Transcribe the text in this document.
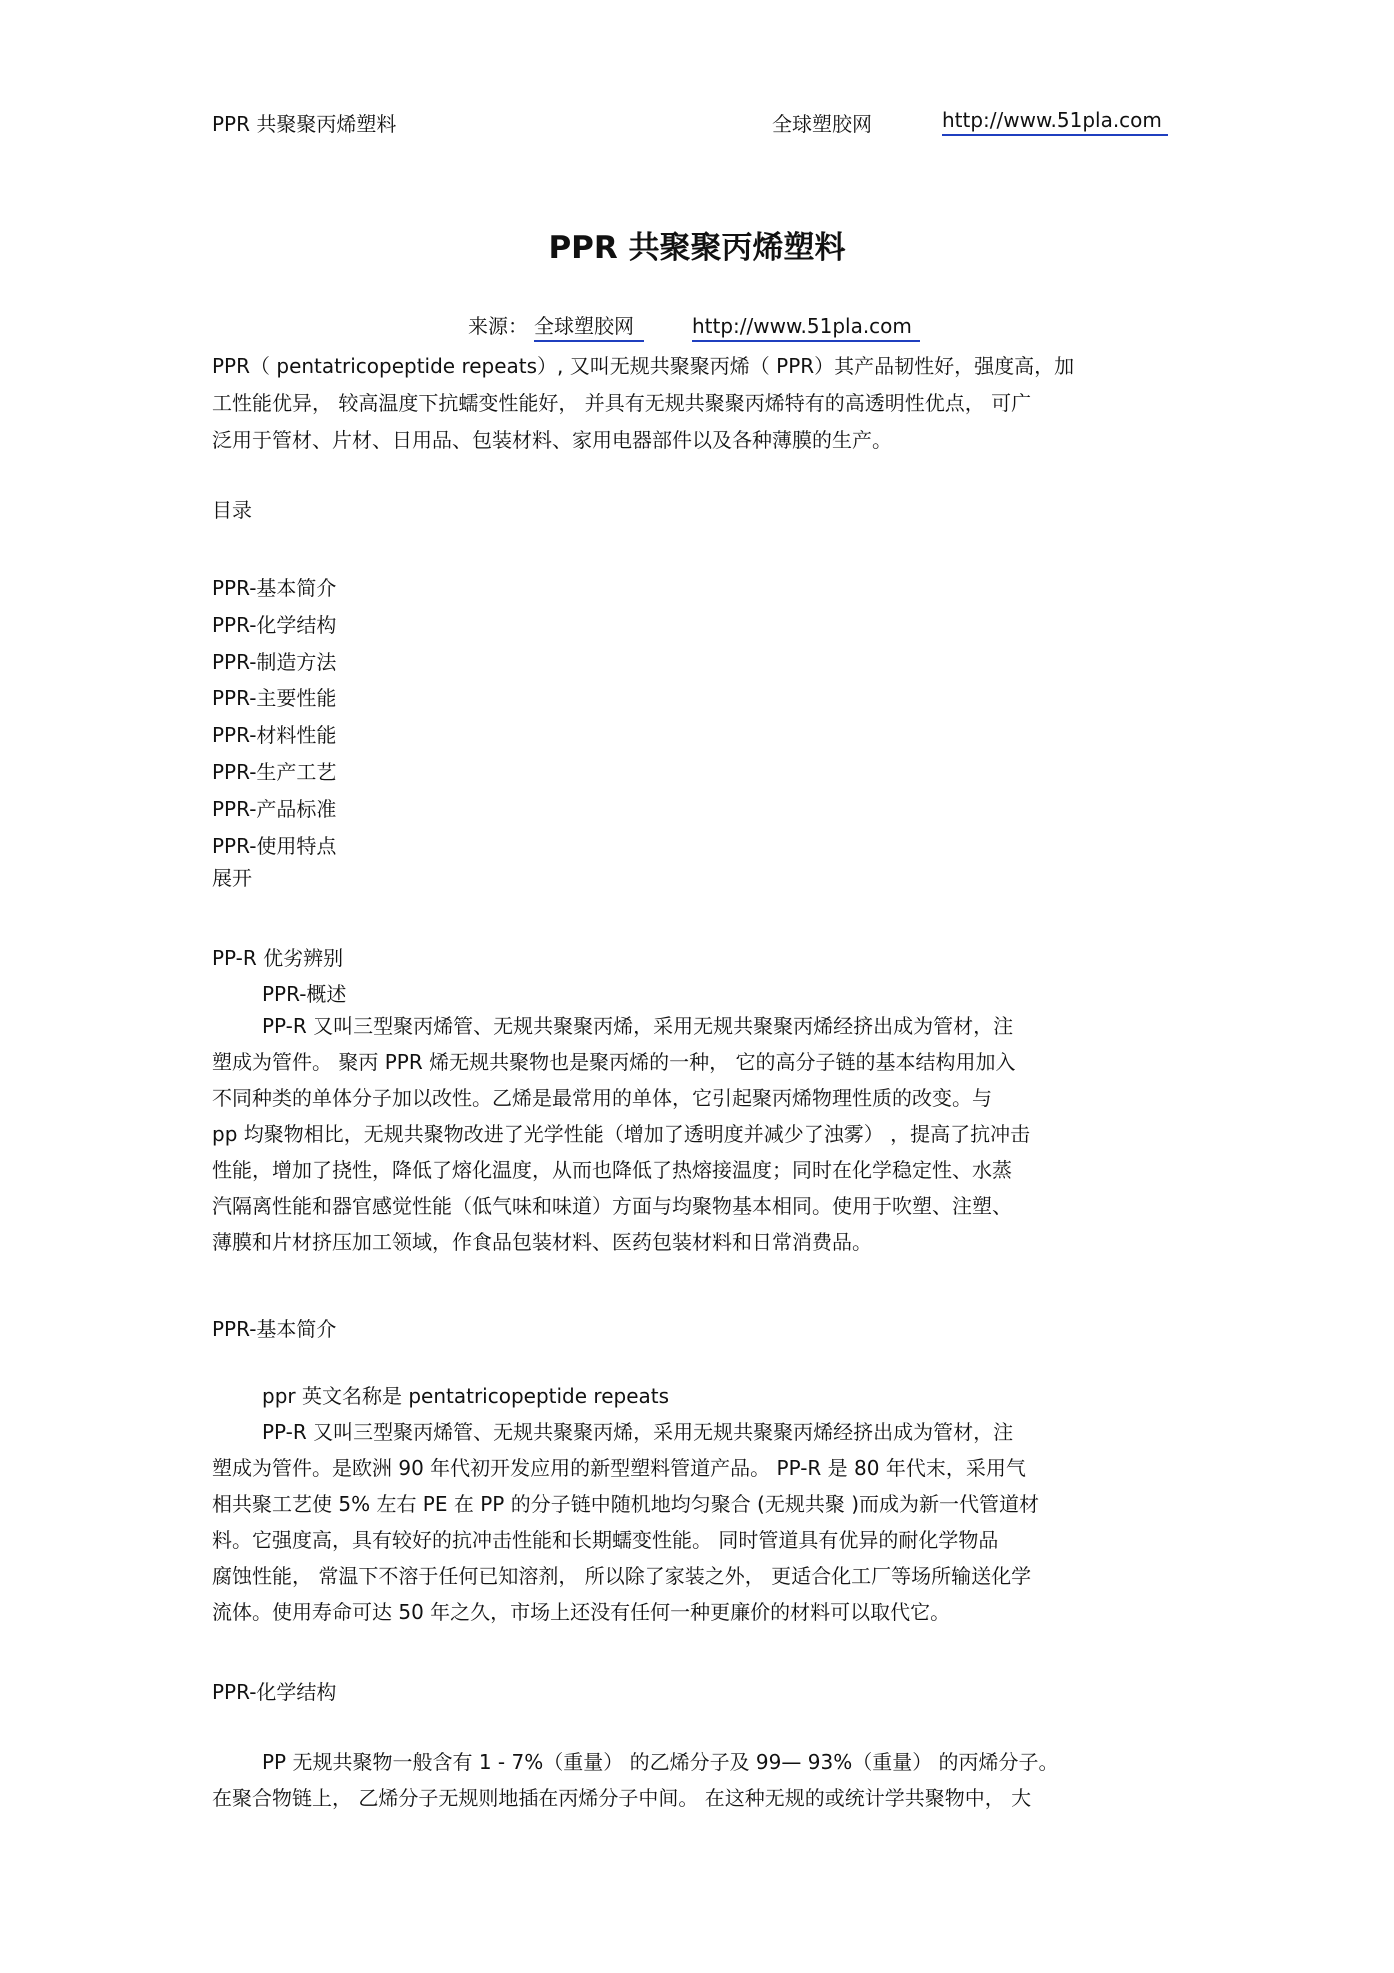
PPR 共聚聚丙烯塑料	全球塑胶网	http://www.51pla.com
PPR 共聚聚丙烯塑料
来源： 全球塑胶网	http://www.51pla.com

PPR（ pentatricopeptide repeats）, 又叫无规共聚聚丙烯（ PPR）其产品韧性好，强度高，加

工性能优异， 较高温度下抗蠕变性能好， 并具有无规共聚聚丙烯特有的高透明性优点， 可广

泛用于管材、片材、日用品、包装材料、家用电器部件以及各种薄膜的生产。

目录

PPR-基本简介

PPR-化学结构

PPR-制造方法

PPR-主要性能

PPR-材料性能

PPR-生产工艺

PPR-产品标准

PPR-使用特点

展开

PP-R 优劣辨别

PPR-概述

PP-R 又叫三型聚丙烯管、无规共聚聚丙烯，采用无规共聚聚丙烯经挤出成为管材，注

塑成为管件。 聚丙 PPR 烯无规共聚物也是聚丙烯的一种， 它的高分子链的基本结构用加入

不同种类的单体分子加以改性。乙烯是最常用的单体，它引起聚丙烯物理性质的改变。与

pp 均聚物相比，无规共聚物改进了光学性能（增加了透明度并减少了浊雾） ，提高了抗冲击

性能，增加了挠性，降低了熔化温度，从而也降低了热熔接温度；同时在化学稳定性、水蒸

汽隔离性能和器官感觉性能（低气味和味道）方面与均聚物基本相同。使用于吹塑、注塑、

薄膜和片材挤压加工领域，作食品包装材料、医药包装材料和日常消费品。

PPR-基本简介

ppr 英文名称是 pentatricopeptide repeats

PP-R 又叫三型聚丙烯管、无规共聚聚丙烯，采用无规共聚聚丙烯经挤出成为管材，注

塑成为管件。是欧洲 90 年代初开发应用的新型塑料管道产品。 PP-R 是 80 年代末，采用气

相共聚工艺使 5% 左右 PE 在 PP 的分子链中随机地均匀聚合 (无规共聚 )而成为新一代管道材

料。它强度高，具有较好的抗冲击性能和长期蠕变性能。 同时管道具有优异的耐化学物品

腐蚀性能， 常温下不溶于任何已知溶剂， 所以除了家装之外， 更适合化工厂等场所输送化学

流体。使用寿命可达 50 年之久，市场上还没有任何一种更廉价的材料可以取代它。

PPR-化学结构

PP 无规共聚物一般含有 1 - 7%（重量） 的乙烯分子及 99— 93%（重量） 的丙烯分子。

在聚合物链上， 乙烯分子无规则地插在丙烯分子中间。 在这种无规的或统计学共聚物中， 大
